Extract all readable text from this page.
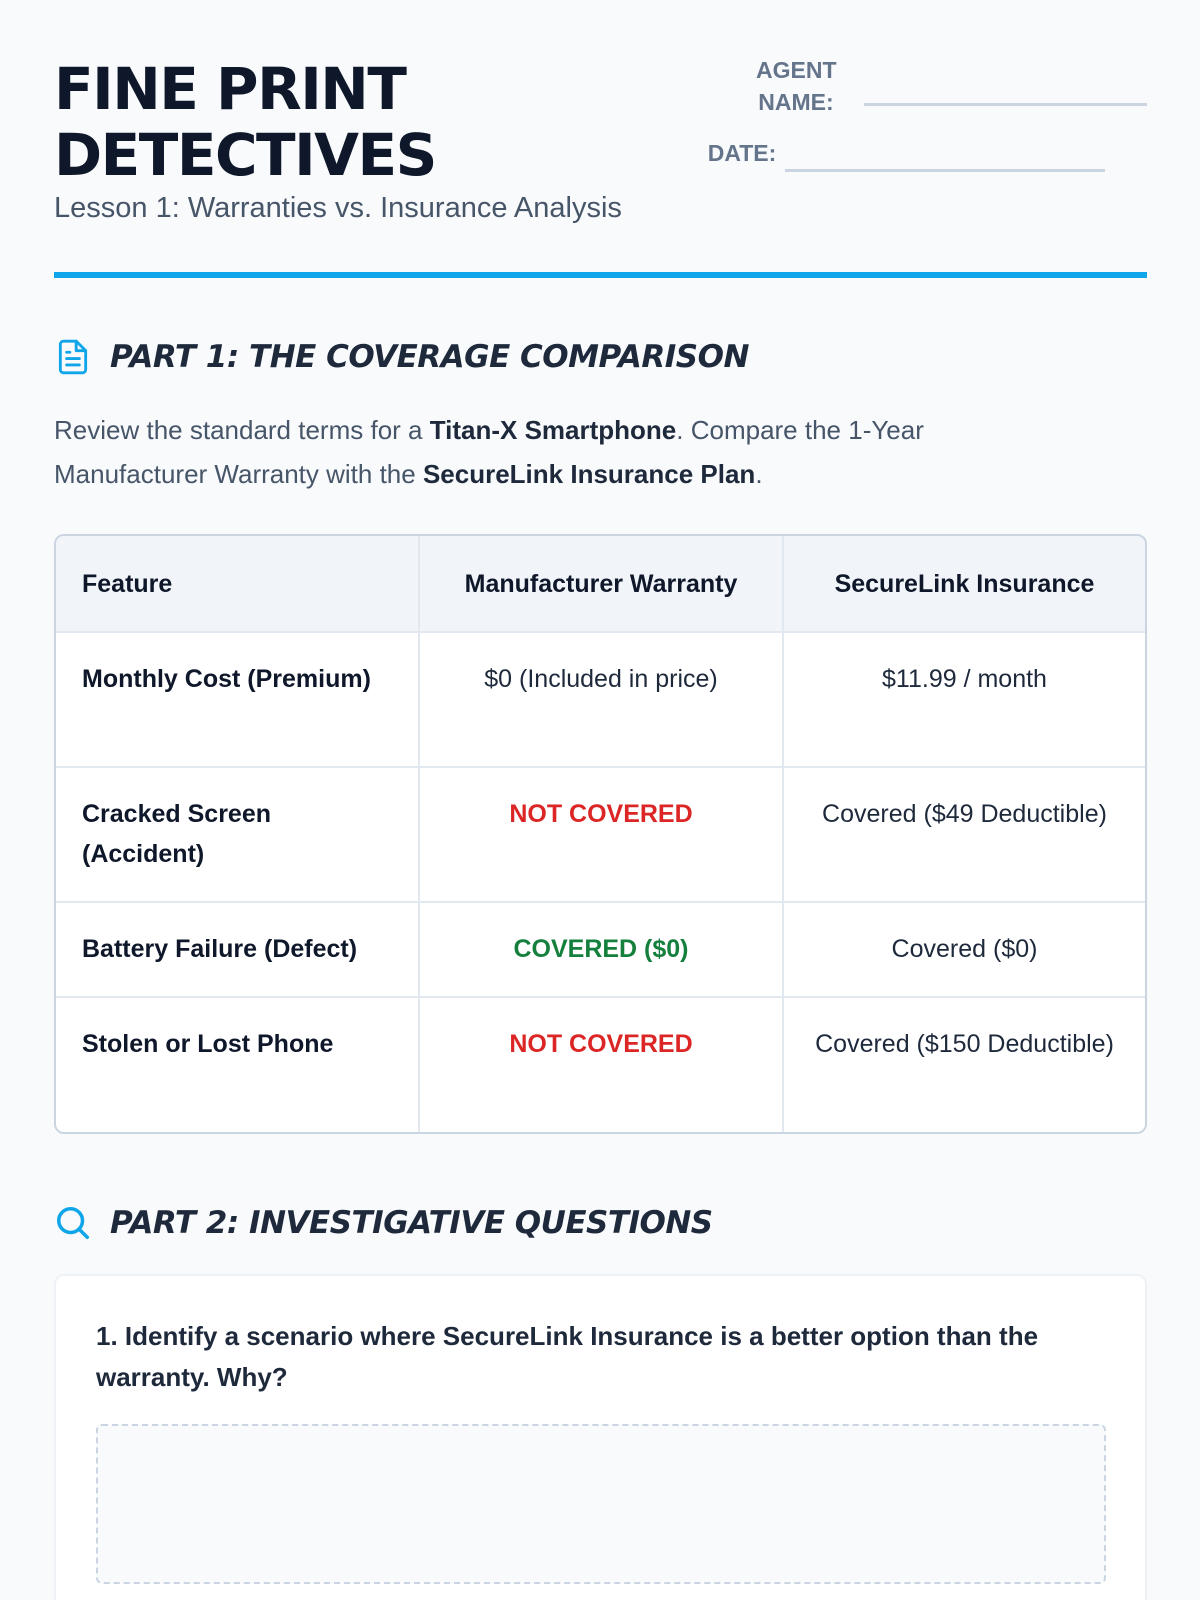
FINE PRINT
DETECTIVES
Lesson 1: Warranties vs. Insurance Analysis
AGENT NAME:
DATE:
PART 1: THE COVERAGE COMPARISON

Review the standard terms for a Titan-X Smartphone. Compare the 1-Year Manufacturer Warranty with the SecureLink Insurance Plan.

Feature	Manufacturer Warranty	SecureLink Insurance
Monthly Cost (Premium)	$0 (Included in price)	$11.99 / month
Cracked Screen (Accident)	NOT COVERED	Covered ($49 Deductible)
Battery Failure (Defect)	COVERED ($0)	Covered ($0)
Stolen or Lost Phone	NOT COVERED	Covered ($150 Deductible)
PART 2: INVESTIGATIVE QUESTIONS
1. Identify a scenario where SecureLink Insurance is a better option than the warranty. Why?
